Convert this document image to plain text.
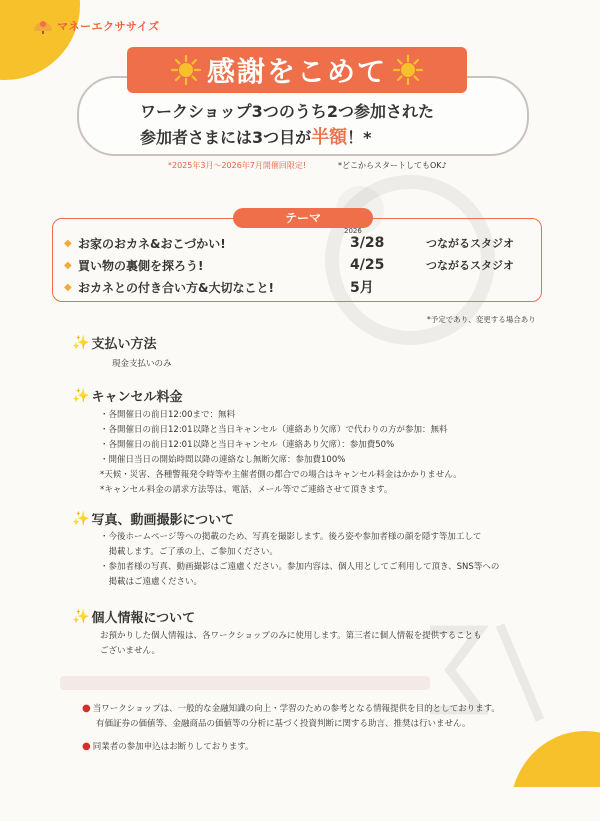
マネーエクササイズ
感謝をこめて
ワークショップ3つのうち2つ参加された
参加者さまには3つ目が半額！*
*2025年3月〜2026年7月開催回限定!	*どこからスタートしてもOK♪
テーマ
2026
◆ お家のおカネ&おこづかい!	3/28	つながるスタジオ
◆ 買い物の裏側を探ろう!	4/25	つながるスタジオ
◆ おカネとの付き合い方&大切なこと!	5月
*予定であり、変更する場合あり
✨ 支払い方法
現金支払いのみ
✨ キャンセル料金
・各開催日の前日12:00まで：無料
・各開催日の前日12:01以降と当日キャンセル（連絡あり欠席）で代わりの方が参加：無料
・各開催日の前日12:01以降と当日キャンセル（連絡あり欠席）：参加費50%
・開催日当日の開始時間以降の連絡なし無断欠席：参加費100%
*天候・災害、各種警報発令時等や主催者側の都合での場合はキャンセル料金はかかりません。
*キャンセル料金の請求方法等は、電話、メール等でご連絡させて頂きます。
✨ 写真、動画撮影について
・今後ホームページ等への掲載のため、写真を撮影します。後ろ姿や参加者様の顔を隠す等加工して
　掲載します。ご了承の上、ご参加ください。
・参加者様の写真、動画撮影はご遠慮ください。参加内容は、個人用としてご利用して頂き、SNS等への
　掲載はご遠慮ください。
✨ 個人情報について
お預かりした個人情報は、各ワークショップのみに使用します。第三者に個人情報を提供することも
ございません。
● 当ワークショップは、一般的な金融知識の向上・学習のための参考となる情報提供を目的としております。
有価証券の価値等、金融商品の価値等の分析に基づく投資判断に関する助言、推奨は行いません。
● 同業者の参加申込はお断りしております。
